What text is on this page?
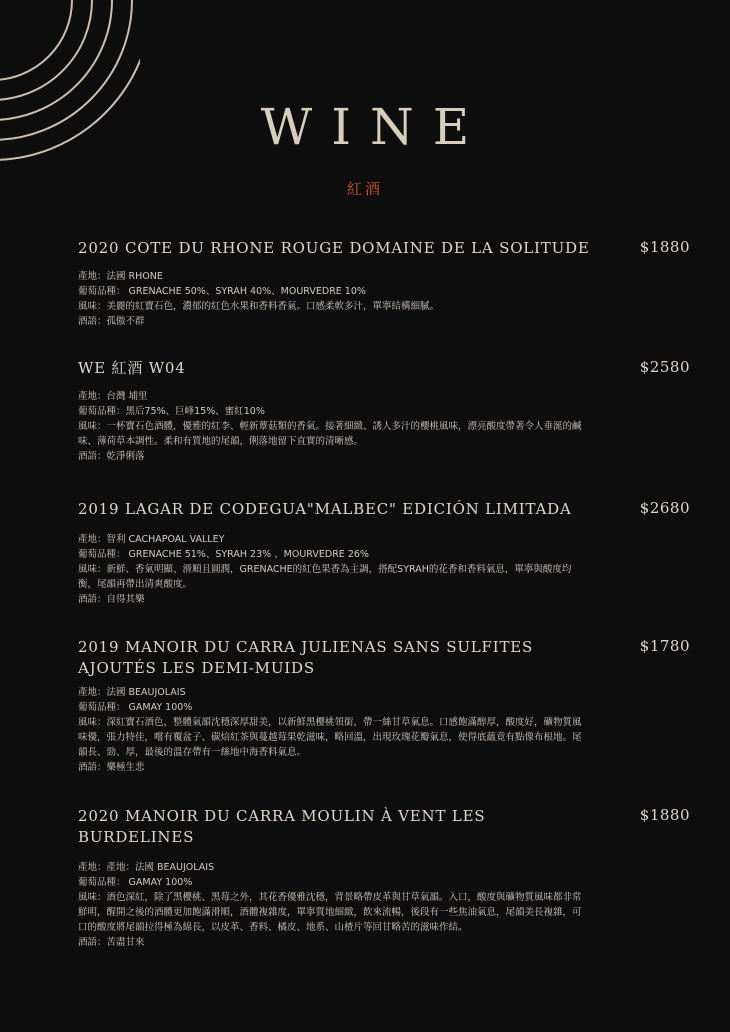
WINE
紅酒
2020 COTE DU RHONE ROUGE DOMAINE DE LA SOLITUDE	$1880
產地：法國 RHONE
葡萄品種： GRENACHE 50%、SYRAH 40%、MOURVEDRE 10%
風味：美麗的紅寶石色，濃郁的紅色水果和香料香氣。口感柔軟多汁，單寧結構細膩。
酒語：孤傲不群
WE 紅酒 W04	$2580
產地：台灣 埔里
葡萄品種：黑后75%、巨峰15%、蜜紅10%
風味：一杯寶石色酒體，優雅的紅李、輕新蕈菇類的香氣。接著細緻、誘人多汁的櫻桃風味，漂亮酸度帶著令人垂涎的鹹味、薄荷草本調性。柔和有質地的尾韻，俐落地留下直實的清晰感。
酒語：乾淨俐落
2019 LAGAR DE CODEGUA"MALBEC" EDICIÓN LIMITADA	$2680
產地：智利 CACHAPOAL VALLEY
葡萄品種： GRENACHE 51%、SYRAH 23% 、MOURVEDRE 26%
風味：新鮮、香氣明顯、滑順且圓潤，GRENACHE的紅色果香為主調，搭配SYRAH的花香和香料氣息，單寧與酸度均衡，尾韻再帶出清爽酸度。
酒語：自得其樂
2019 MANOIR DU CARRA JULIENAS SANS SULFITES AJOUTÉS LES DEMI-MUIDS
$1780
產地：法國 BEAUJOLAIS
葡萄品種： GAMAY 100%
風味：深紅寶石酒色，整體氣韻沈穩深厚甜美，以新鮮黑櫻桃領銜，帶一絲甘草氣息。口感飽滿醇厚，酸度好，礦物質風味優，張力特佳，嚐有覆盆子、碳焙紅茶與蔓越莓果乾滋味，略回溫，出現玫瑰花瓣氣息，使得底蘊竟有點像布根地。尾韻長、勁、厚，最後的溫存帶有一絲地中海香料氣息。
酒語：樂極生悲
2020 MANOIR DU CARRA MOULIN À VENT LES BURDELINES
$1880
產地：產地：法國 BEAUJOLAIS
葡萄品種： GAMAY 100%
風味：酒色深紅，除了黑櫻桃、黑莓之外，其花香優雅沈穩，背景略帶皮革與甘草氣韻。入口，酸度與礦物質風味都非常鮮明，醒開之後的酒體更加飽滿滑順，酒體複雜度，單寧質地細緻，飲來流暢，後段有一些焦油氣息，尾韻美長複雜，可口的酸度將尾韻拉得極為綿長，以皮革、香料、橘皮、地系、山楂片等回甘略苦的滋味作結。
酒語：苦盡甘來
